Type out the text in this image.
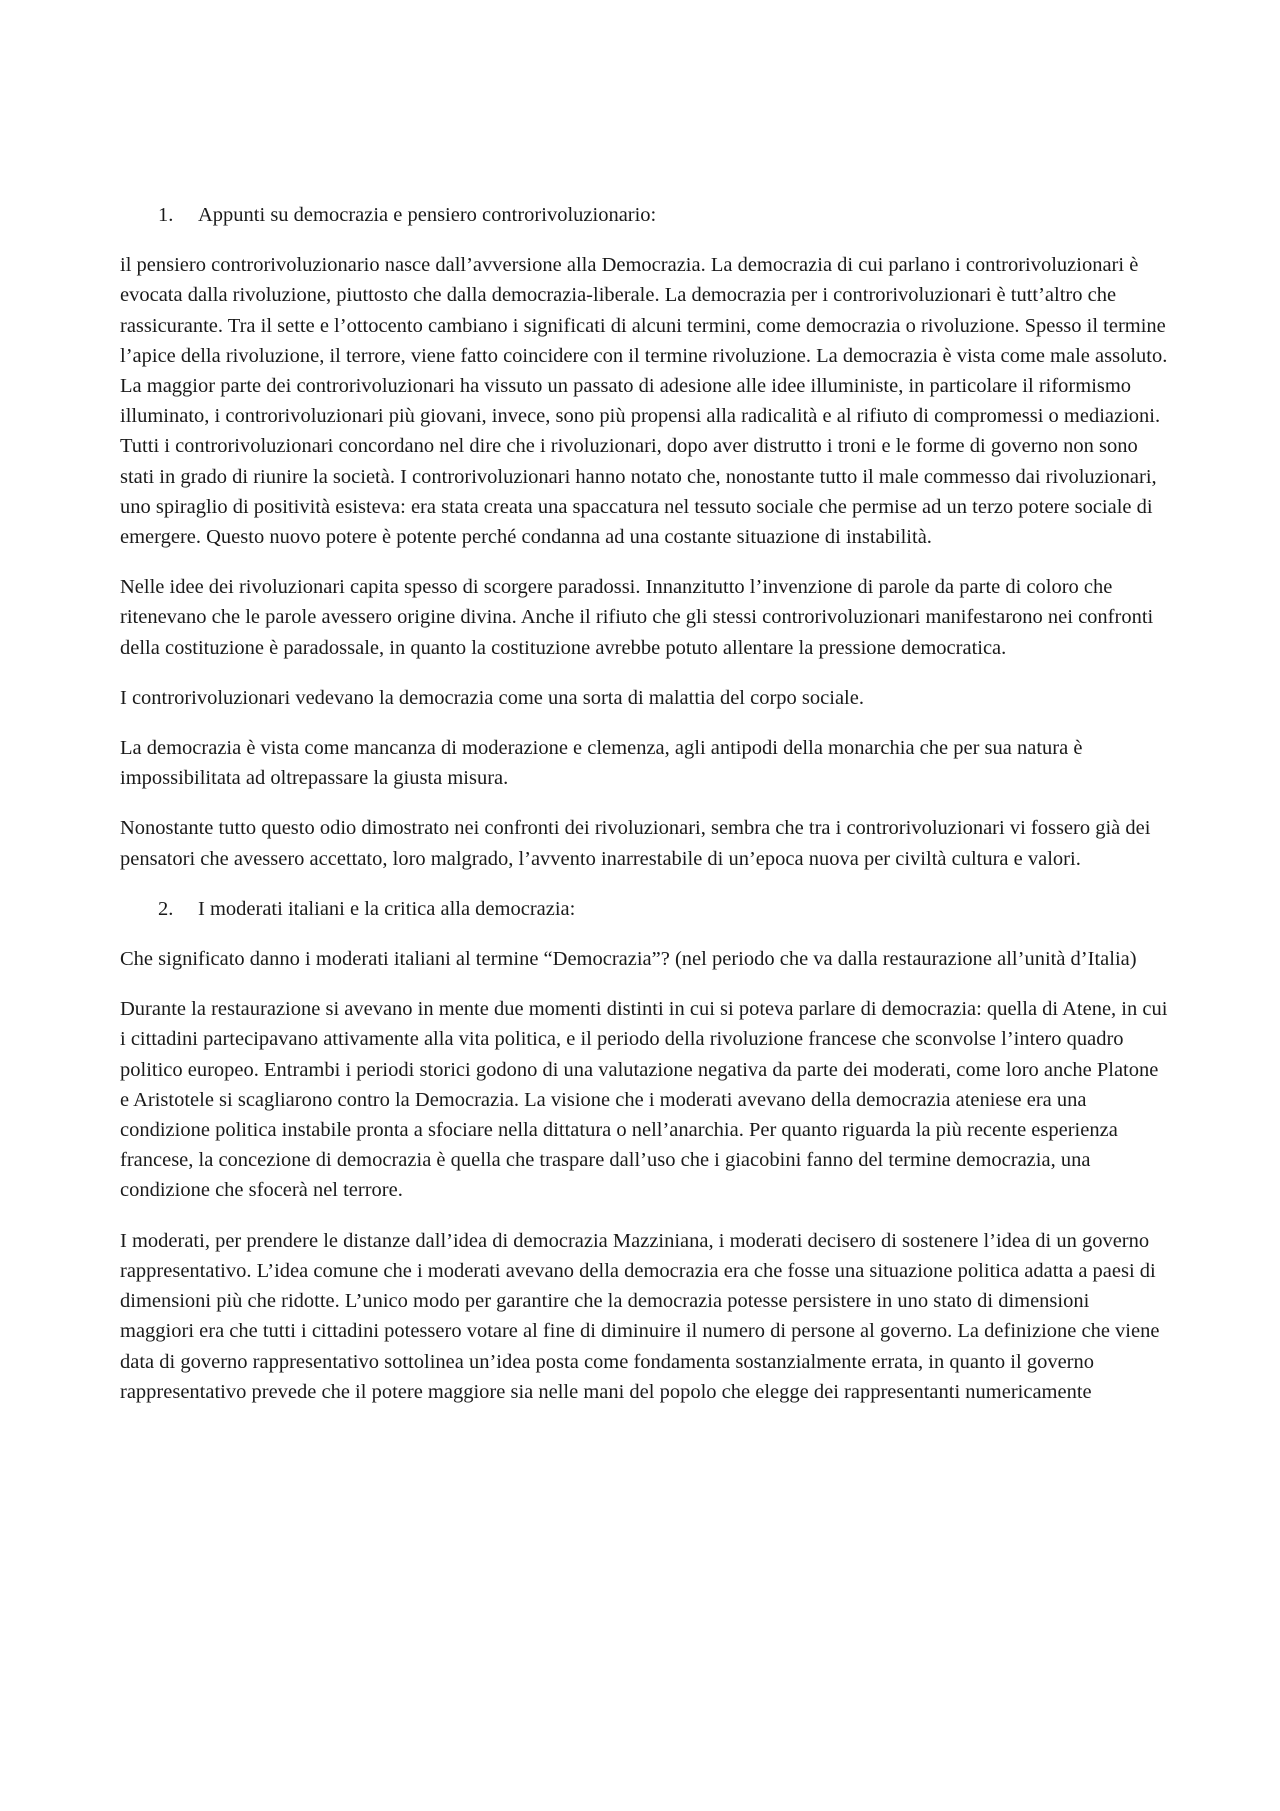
1.	Appunti su democrazia e pensiero controrivoluzionario:

il pensiero controrivoluzionario nasce dall’avversione alla Democrazia. La democrazia di cui parlano i controrivoluzionari è evocata dalla rivoluzione, piuttosto che dalla democrazia-liberale. La democrazia per i controrivoluzionari è tutt’altro che rassicurante. Tra il sette e l’ottocento cambiano i significati di alcuni termini, come democrazia o rivoluzione. Spesso il termine l’apice della rivoluzione, il terrore, viene fatto coincidere con il termine rivoluzione. La democrazia è vista come male assoluto. La maggior parte dei controrivoluzionari ha vissuto un passato di adesione alle idee illuministe, in particolare il riformismo illuminato, i controrivoluzionari più giovani, invece, sono più propensi alla radicalità e al rifiuto di compromessi o mediazioni. Tutti i controrivoluzionari concordano nel dire che i rivoluzionari, dopo aver distrutto i troni e le forme di governo non sono stati in grado di riunire la società. I controrivoluzionari hanno notato che, nonostante tutto il male commesso dai rivoluzionari, uno spiraglio di positività esisteva: era stata creata una spaccatura nel tessuto sociale che permise ad un terzo potere sociale di emergere. Questo nuovo potere è potente perché condanna ad una costante situazione di instabilità.

Nelle idee dei rivoluzionari capita spesso di scorgere paradossi. Innanzitutto l’invenzione di parole da parte di coloro che ritenevano che le parole avessero origine divina. Anche il rifiuto che gli stessi controrivoluzionari manifestarono nei confronti della costituzione è paradossale, in quanto la costituzione avrebbe potuto allentare la pressione democratica.

I controrivoluzionari vedevano la democrazia come una sorta di malattia del corpo sociale.

La democrazia è vista come mancanza di moderazione e clemenza, agli antipodi della monarchia che per sua natura è impossibilitata ad oltrepassare la giusta misura.

Nonostante tutto questo odio dimostrato nei confronti dei rivoluzionari, sembra che tra i controrivoluzionari vi fossero già dei pensatori che avessero accettato, loro malgrado, l’avvento inarrestabile di un’epoca nuova per civiltà cultura e valori.

2.	I moderati italiani e la critica alla democrazia:

Che significato danno i moderati italiani al termine “Democrazia”? (nel periodo che va dalla restaurazione all’unità d’Italia)

Durante la restaurazione si avevano in mente due momenti distinti in cui si poteva parlare di democrazia: quella di Atene, in cui i cittadini partecipavano attivamente alla vita politica, e il periodo della rivoluzione francese che sconvolse l’intero quadro politico europeo. Entrambi i periodi storici godono di una valutazione negativa da parte dei moderati, come loro anche Platone e Aristotele si scagliarono contro la Democrazia. La visione che i moderati avevano della democrazia ateniese era una condizione politica instabile pronta a sfociare nella dittatura o nell’anarchia. Per quanto riguarda la più recente esperienza francese, la concezione di democrazia è quella che traspare dall’uso che i giacobini fanno del termine democrazia, una condizione che sfocerà nel terrore.

I moderati, per prendere le distanze dall’idea di democrazia Mazziniana, i moderati decisero di sostenere l’idea di un governo rappresentativo. L’idea comune che i moderati avevano della democrazia era che fosse una situazione politica adatta a paesi di dimensioni più che ridotte. L’unico modo per garantire che la democrazia potesse persistere in uno stato di dimensioni maggiori era che tutti i cittadini potessero votare al fine di diminuire il numero di persone al governo. La definizione che viene data di governo rappresentativo sottolinea un’idea posta come fondamenta sostanzialmente errata, in quanto il governo rappresentativo prevede che il potere maggiore sia nelle mani del popolo che elegge dei rappresentanti numericamente
